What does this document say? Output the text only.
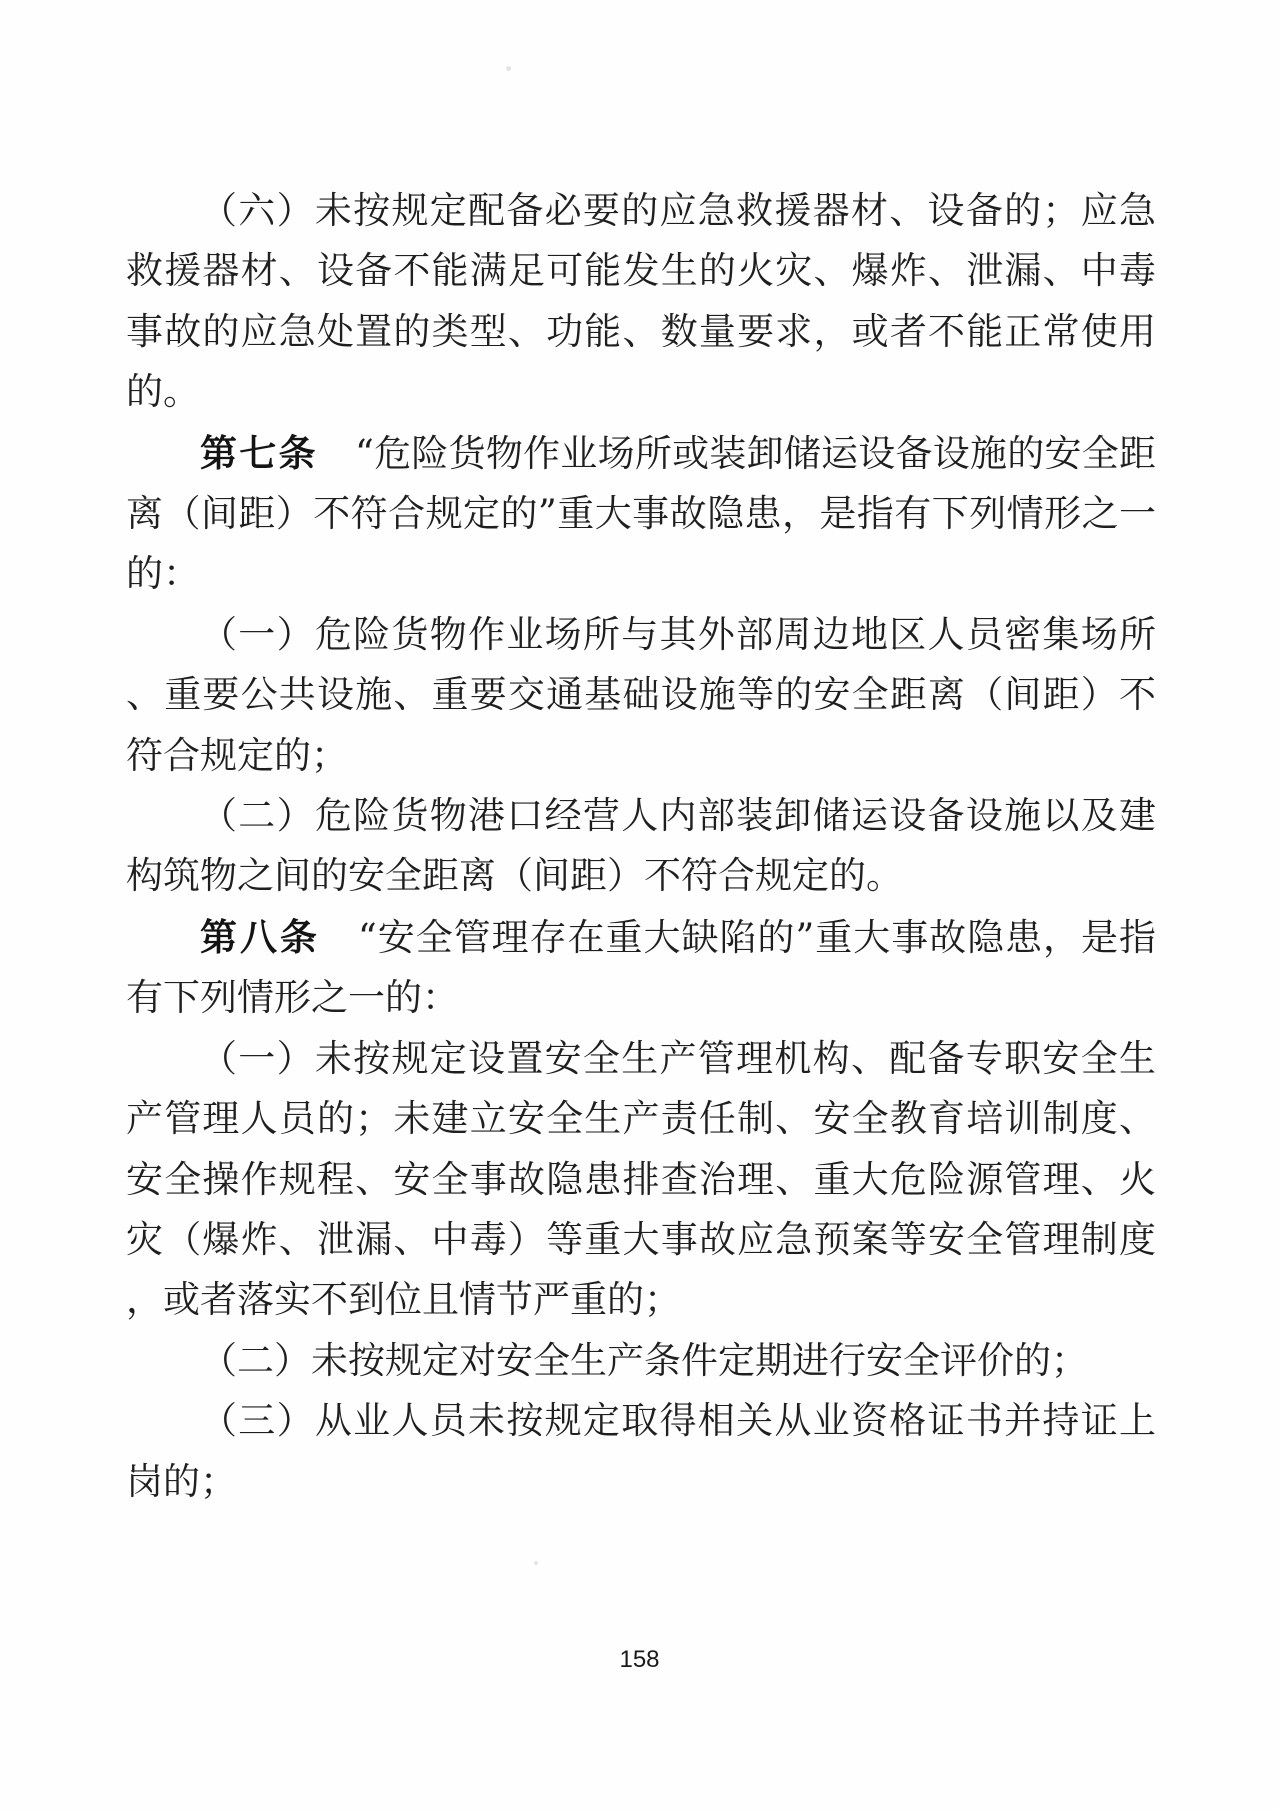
（六）未按规定配备必要的应急救援器材、设备的；应急救援器材、设备不能满足可能发生的火灾、爆炸、泄漏、中毒事故的应急处置的类型、功能、数量要求，或者不能正常使用的。

第七条　“危险货物作业场所或装卸储运设备设施的安全距离（间距）不符合规定的”重大事故隐患，是指有下列情形之一的：

（一）危险货物作业场所与其外部周边地区人员密集场所、重要公共设施、重要交通基础设施等的安全距离（间距）不符合规定的；

（二）危险货物港口经营人内部装卸储运设备设施以及建构筑物之间的安全距离（间距）不符合规定的。

第八条　“安全管理存在重大缺陷的”重大事故隐患，是指有下列情形之一的：

（一）未按规定设置安全生产管理机构、配备专职安全生产管理人员的；未建立安全生产责任制、安全教育培训制度、安全操作规程、安全事故隐患排查治理、重大危险源管理、火灾（爆炸、泄漏、中毒）等重大事故应急预案等安全管理制度，或者落实不到位且情节严重的；

（二）未按规定对安全生产条件定期进行安全评价的；

（三）从业人员未按规定取得相关从业资格证书并持证上岗的；

158
